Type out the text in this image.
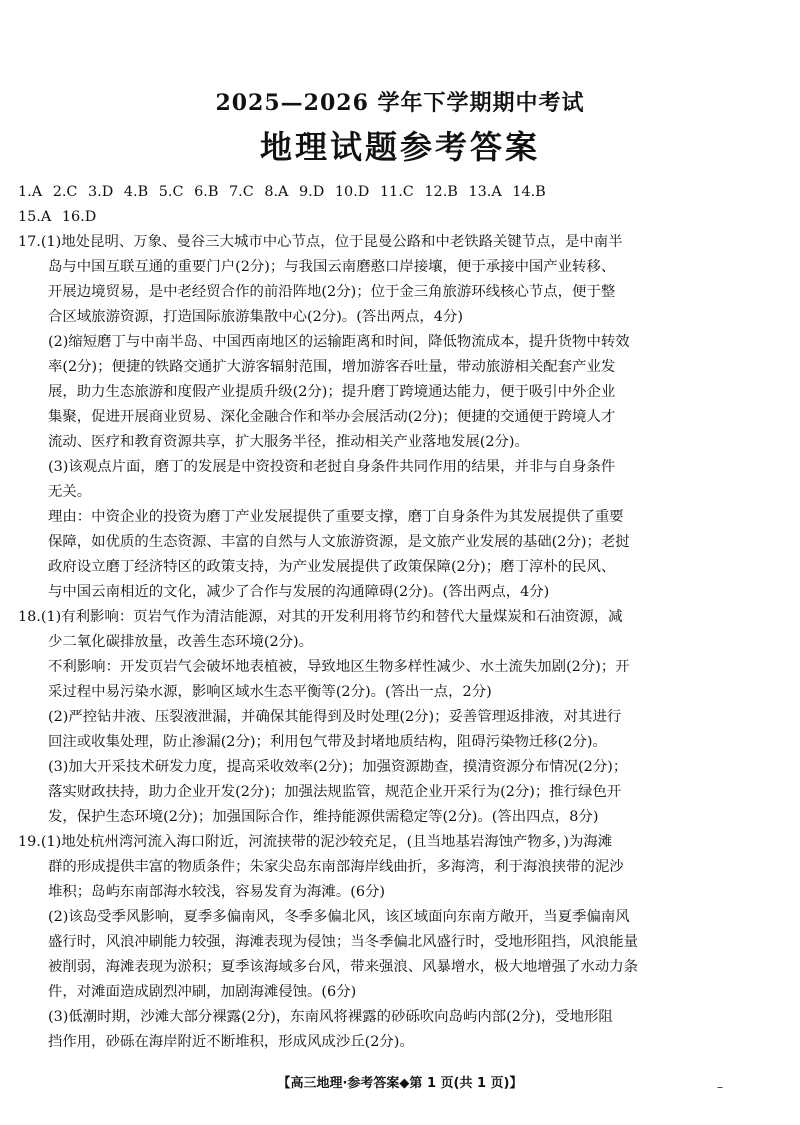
2025—2026 学年下学期期中考试
地理试题参考答案
1.A 2.C 3.D 4.B 5.C 6.B 7.C 8.A 9.D 10.D 11.C 12.B 13.A 14.B
15.A 16.D
17.(1)地处昆明、万象、曼谷三大城市中心节点，位于昆曼公路和中老铁路关键节点，是中南半
岛与中国互联互通的重要门户(2分)；与我国云南磨憨口岸接壤，便于承接中国产业转移、
开展边境贸易，是中老经贸合作的前沿阵地(2分)；位于金三角旅游环线核心节点，便于整
合区域旅游资源，打造国际旅游集散中心(2分)。(答出两点，4分)
(2)缩短磨丁与中南半岛、中国西南地区的运输距离和时间，降低物流成本，提升货物中转效
率(2分)；便捷的铁路交通扩大游客辐射范围，增加游客吞吐量，带动旅游相关配套产业发
展，助力生态旅游和度假产业提质升级(2分)；提升磨丁跨境通达能力，便于吸引中外企业
集聚，促进开展商业贸易、深化金融合作和举办会展活动(2分)；便捷的交通便于跨境人才
流动、医疗和教育资源共享，扩大服务半径，推动相关产业落地发展(2分)。
(3)该观点片面，磨丁的发展是中资投资和老挝自身条件共同作用的结果，并非与自身条件
无关。
理由：中资企业的投资为磨丁产业发展提供了重要支撑，磨丁自身条件为其发展提供了重要
保障，如优质的生态资源、丰富的自然与人文旅游资源，是文旅产业发展的基础(2分)；老挝
政府设立磨丁经济特区的政策支持，为产业发展提供了政策保障(2分)；磨丁淳朴的民风、
与中国云南相近的文化，减少了合作与发展的沟通障碍(2分)。(答出两点，4分)
18.(1)有利影响：页岩气作为清洁能源，对其的开发利用将节约和替代大量煤炭和石油资源，减
少二氧化碳排放量，改善生态环境(2分)。
不利影响：开发页岩气会破坏地表植被，导致地区生物多样性减少、水土流失加剧(2分)；开
采过程中易污染水源，影响区域水生态平衡等(2分)。(答出一点，2分)
(2)严控钻井液、压裂液泄漏，并确保其能得到及时处理(2分)；妥善管理返排液，对其进行
回注或收集处理，防止渗漏(2分)；利用包气带及封堵地质结构，阻碍污染物迁移(2分)。
(3)加大开采技术研发力度，提高采收效率(2分)；加强资源勘查，摸清资源分布情况(2分)；
落实财政扶持，助力企业开发(2分)；加强法规监管，规范企业开采行为(2分)；推行绿色开
发，保护生态环境(2分)；加强国际合作，维持能源供需稳定等(2分)。(答出四点，8分)
19.(1)地处杭州湾河流入海口附近，河流挟带的泥沙较充足，(且当地基岩海蚀产物多，)为海滩
群的形成提供丰富的物质条件；朱家尖岛东南部海岸线曲折，多海湾，利于海浪挟带的泥沙
堆积；岛屿东南部海水较浅，容易发育为海滩。(6分)
(2)该岛受季风影响，夏季多偏南风，冬季多偏北风，该区域面向东南方敞开，当夏季偏南风
盛行时，风浪冲刷能力较强，海滩表现为侵蚀；当冬季偏北风盛行时，受地形阻挡，风浪能量
被削弱，海滩表现为淤积；夏季该海域多台风，带来强浪、风暴增水，极大地增强了水动力条
件，对滩面造成剧烈冲刷，加剧海滩侵蚀。(6分)
(3)低潮时期，沙滩大部分裸露(2分)，东南风将裸露的砂砾吹向岛屿内部(2分)，受地形阻
挡作用，砂砾在海岸附近不断堆积，形成风成沙丘(2分)。
【高三地理·参考答案◆第 1 页(共 1 页)】	–
